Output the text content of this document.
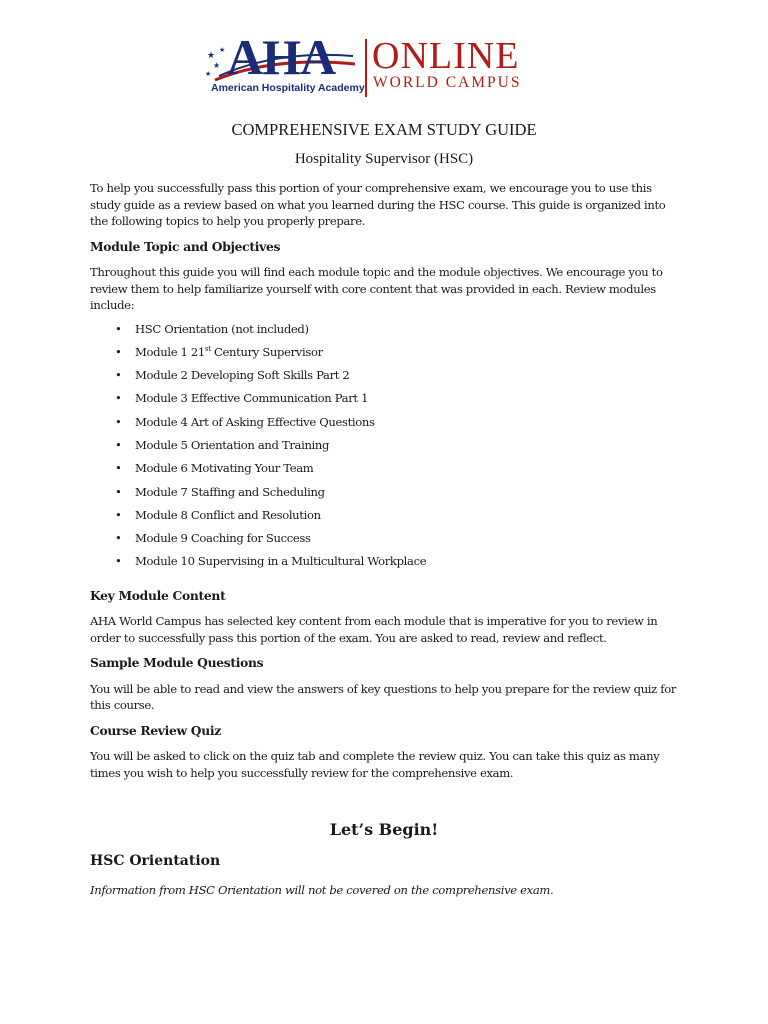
★
★
★
★ AHA
American Hospitality Academy
ONLINE
WORLD CAMPUS
COMPREHENSIVE EXAM STUDY GUIDE
Hospitality Supervisor (HSC)

To help you successfully pass this portion of your comprehensive exam, we encourage you to use this study guide as a review based on what you learned during the HSC course. This guide is organized into the following topics to help you properly prepare.

Module Topic and Objectives

Throughout this guide you will find each module topic and the module objectives. We encourage you to review them to help familiarize yourself with core content that was provided in each. Review modules include:

• HSC Orientation (not included)
• Module 1 21st Century Supervisor
• Module 2 Developing Soft Skills Part 2
• Module 3 Effective Communication Part 1
• Module 4 Art of Asking Effective Questions
• Module 5 Orientation and Training
• Module 6 Motivating Your Team
• Module 7 Staffing and Scheduling
• Module 8 Conflict and Resolution
• Module 9 Coaching for Success
• Module 10 Supervising in a Multicultural Workplace
Key Module Content

AHA World Campus has selected key content from each module that is imperative for you to review in order to successfully pass this portion of the exam. You are asked to read, review and reflect.

Sample Module Questions

You will be able to read and view the answers of key questions to help you prepare for the review quiz for this course.

Course Review Quiz

You will be asked to click on the quiz tab and complete the review quiz. You can take this quiz as many times you wish to help you successfully review for the comprehensive exam.

Let’s Begin!
HSC Orientation

Information from HSC Orientation will not be covered on the comprehensive exam.
